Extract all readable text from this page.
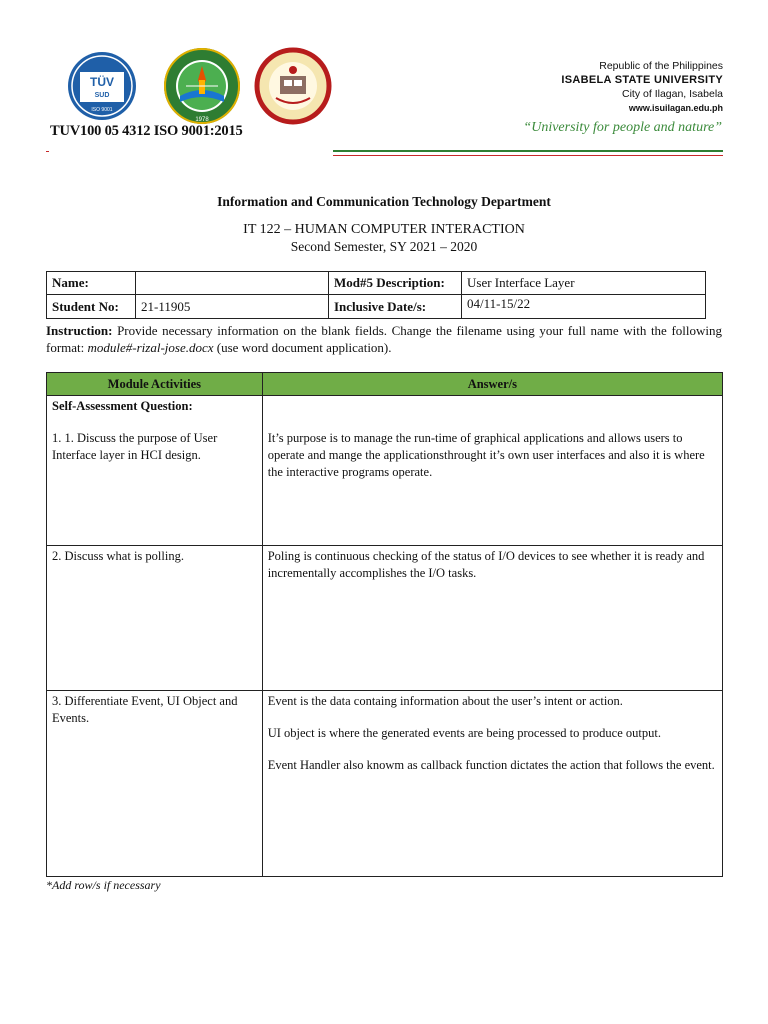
TÜV
SUD
ISO 9001
1978
TUV100 05 4312 ISO 9001:2015
Republic of the Philippines
ISABELA STATE UNIVERSITY
City of Ilagan, Isabela
www.isuilagan.edu.ph
“University for people and nature”
Information and Communication Technology Department
IT 122 – HUMAN COMPUTER INTERACTION
Second Semester, SY 2021 – 2020
Name:		Mod#5 Description:	User Interface Layer
Student No:	21-11905	Inclusive Date/s:	04/11-15/22
Instruction: Provide necessary information on the blank fields. Change the filename using your full name with the following format: module#-rizal-jose.docx (use word document application).
Module Activities	Answer/s

Self-Assessment Question:
1. 1. Discuss the purpose of User Interface layer in HCI design.	It’s purpose is to manage the run-time of graphical applications and allows users to operate and mange the applicationsthrought it’s own user interfaces and also it is where the interactive programs operate.

2. Discuss what is polling.	Poling is continuous checking of the status of I/O devices to see whether it is ready and incrementally accomplishes the I/O tasks.

3. Differentiate Event, UI Object and Events.	Event is the data containg information about the user’s intent or action.
UI object is where the generated events are being processed to produce output.
Event Handler also knowm as callback function dictates the action that follows the event.
*Add row/s if necessary
